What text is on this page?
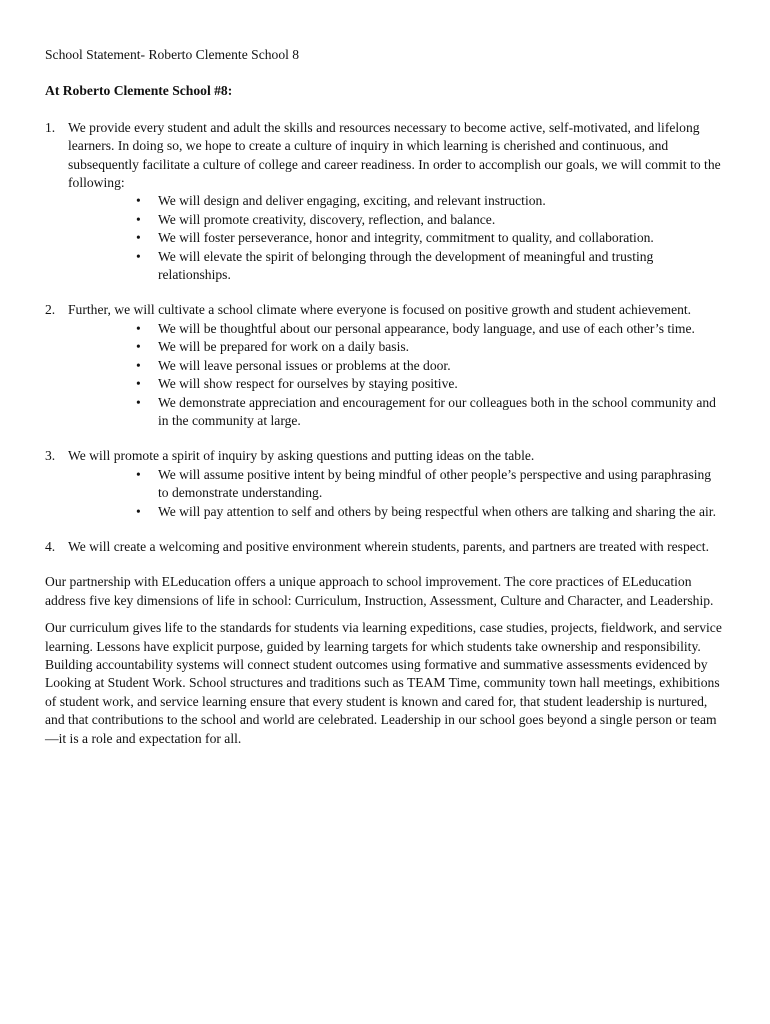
School Statement- Roberto Clemente School 8

At Roberto Clemente School #8:

1. We provide every student and adult the skills and resources necessary to become active, self-motivated, and lifelong learners. In doing so, we hope to create a culture of inquiry in which learning is cherished and continuous, and subsequently facilitate a culture of college and career readiness. In order to accomplish our goals, we will commit to the following:
• We will design and deliver engaging, exciting, and relevant instruction.
• We will promote creativity, discovery, reflection, and balance.
• We will foster perseverance, honor and integrity, commitment to quality, and collaboration.
• We will elevate the spirit of belonging through the development of meaningful and trusting relationships.
2. Further, we will cultivate a school climate where everyone is focused on positive growth and student achievement.
• We will be thoughtful about our personal appearance, body language, and use of each other’s time.
• We will be prepared for work on a daily basis.
• We will leave personal issues or problems at the door.
• We will show respect for ourselves by staying positive.
• We demonstrate appreciation and encouragement for our colleagues both in the school community and in the community at large.
3. We will promote a spirit of inquiry by asking questions and putting ideas on the table.
• We will assume positive intent by being mindful of other people’s perspective and using paraphrasing to demonstrate understanding.
• We will pay attention to self and others by being respectful when others are talking and sharing the air.
4. We will create a welcoming and positive environment wherein students, parents, and partners are treated with respect.

Our partnership with ELeducation offers a unique approach to school improvement. The core practices of ELeducation address five key dimensions of life in school: Curriculum, Instruction, Assessment, Culture and Character, and Leadership.

Our curriculum gives life to the standards for students via learning expeditions, case studies, projects, fieldwork, and service learning. Lessons have explicit purpose, guided by learning targets for which students take ownership and responsibility. Building accountability systems will connect student outcomes using formative and summative assessments evidenced by Looking at Student Work. School structures and traditions such as TEAM Time, community town hall meetings, exhibitions of student work, and service learning ensure that every student is known and cared for, that student leadership is nurtured, and that contributions to the school and world are celebrated. Leadership in our school goes beyond a single person or team—it is a role and expectation for all.
